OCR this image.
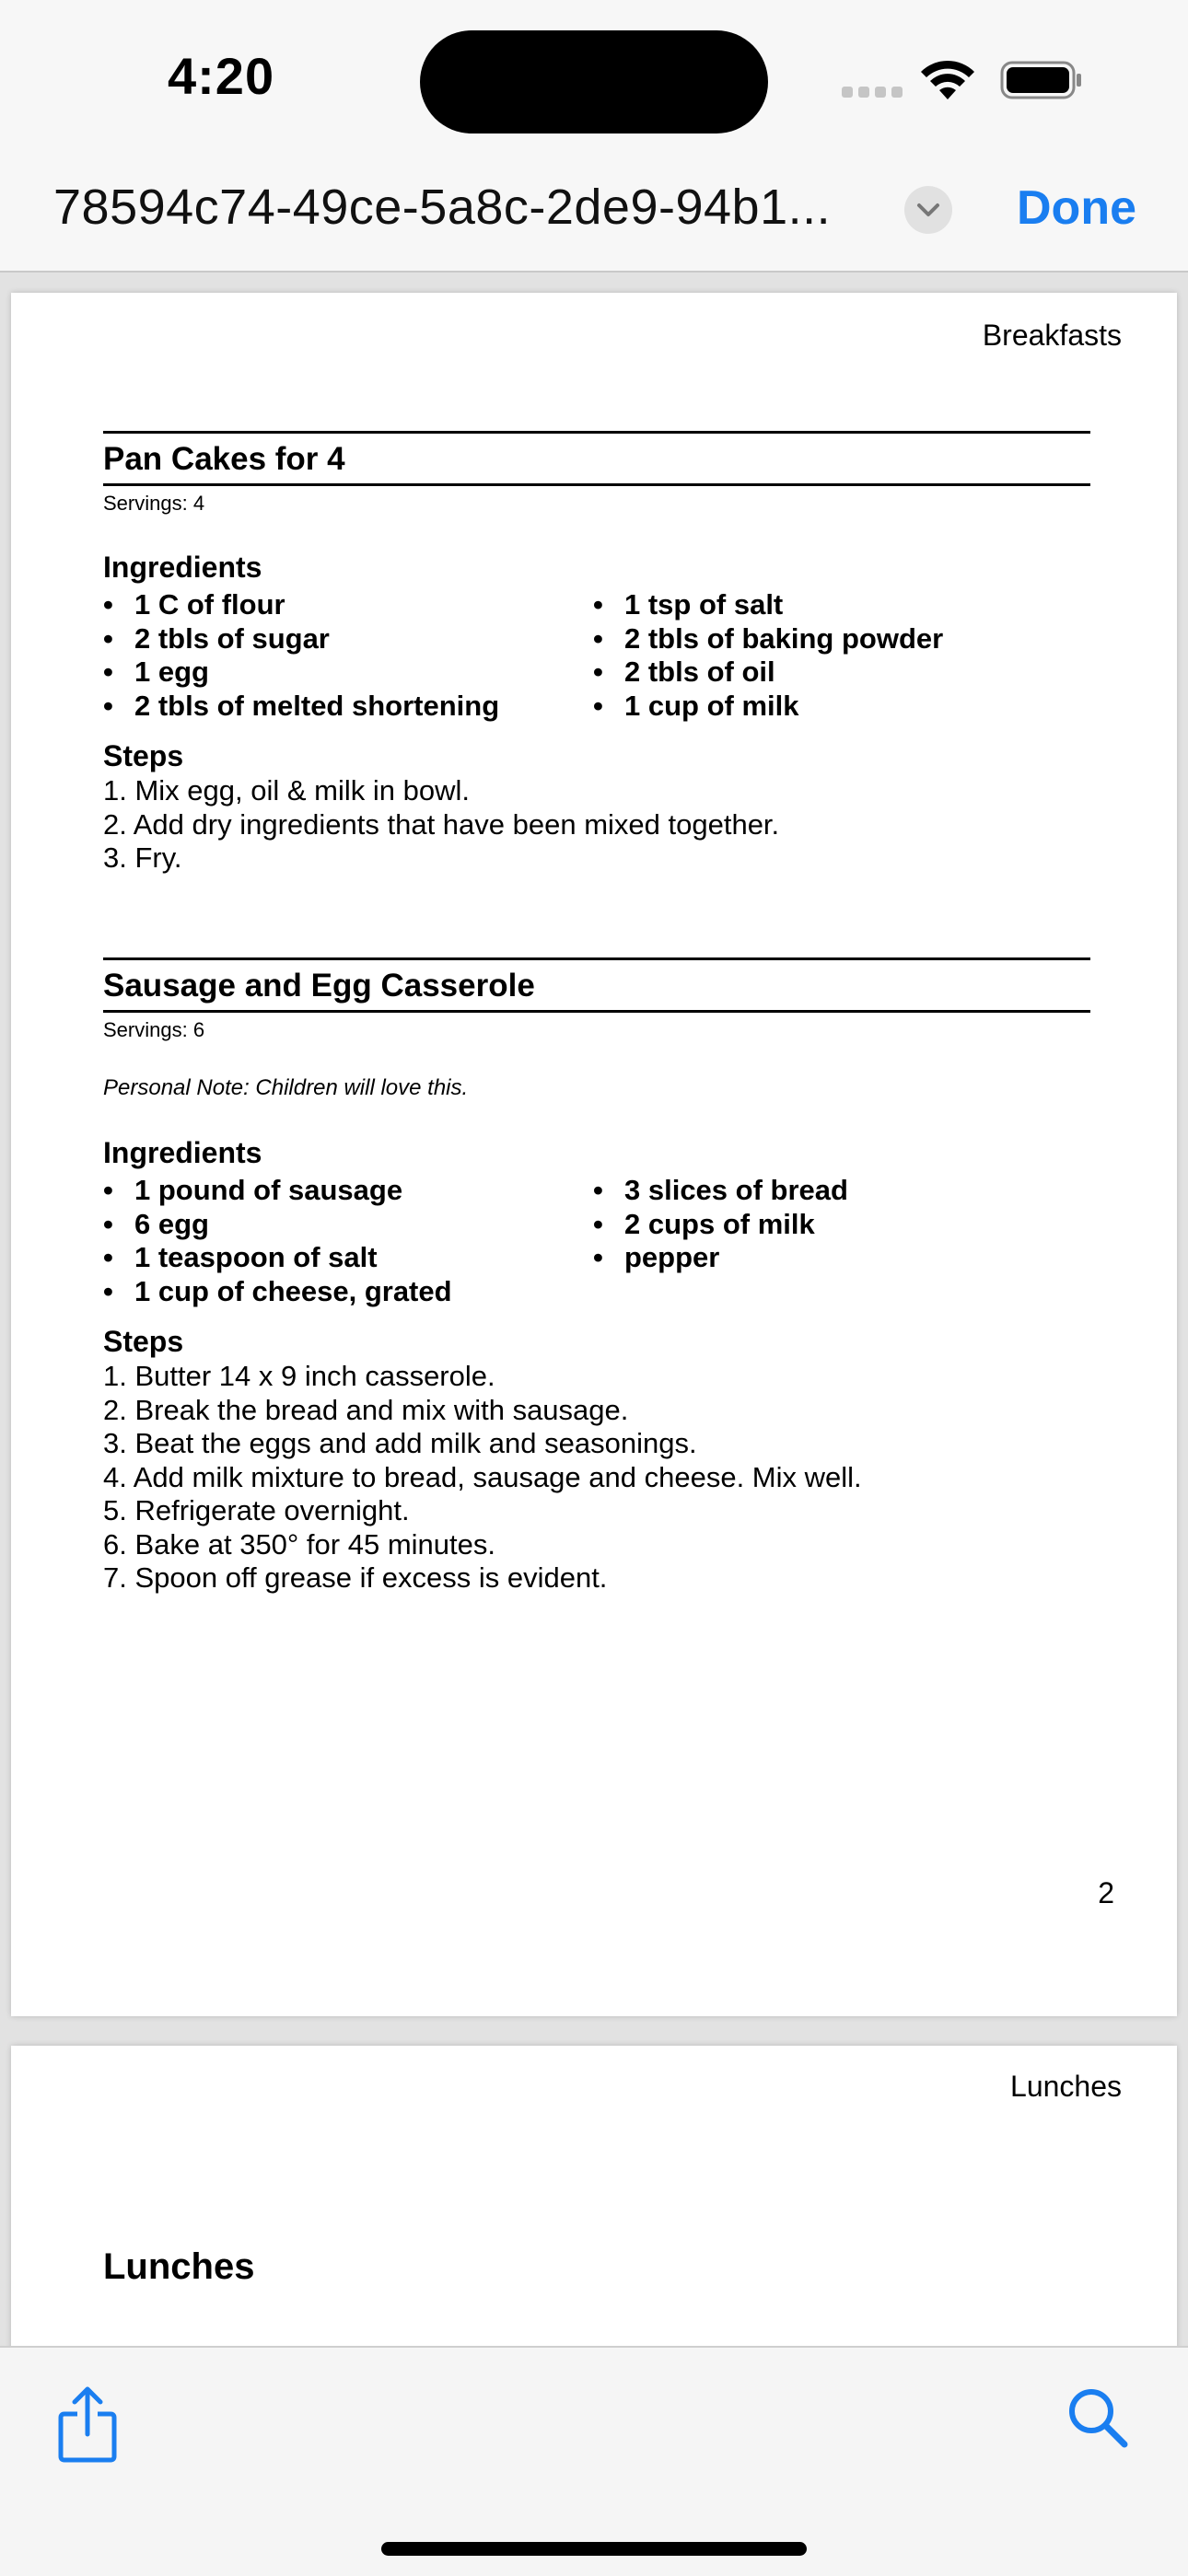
4:20
78594c74-49ce-5a8c-2de9-94b1...	Done
Breakfasts
Pan Cakes for 4
Servings: 4
Ingredients
• 1 C of flour
• 2 tbls of sugar
• 1 egg
• 2 tbls of melted shortening
• 1 tsp of salt
• 2 tbls of baking powder
• 2 tbls of oil
• 1 cup of milk
Steps
1. Mix egg, oil & milk in bowl.
2. Add dry ingredients that have been mixed together.
3. Fry.
Sausage and Egg Casserole
Servings: 6
Personal Note: Children will love this.
Ingredients
• 1 pound of sausage
• 6 egg
• 1 teaspoon of salt
• 1 cup of cheese, grated
• 3 slices of bread
• 2 cups of milk
• pepper
Steps
1. Butter 14 x 9 inch casserole.
2. Break the bread and mix with sausage.
3. Beat the eggs and add milk and seasonings.
4. Add milk mixture to bread, sausage and cheese. Mix well.
5. Refrigerate overnight.
6. Bake at 350° for 45 minutes.
7. Spoon off grease if excess is evident.
2
Lunches
Lunches
